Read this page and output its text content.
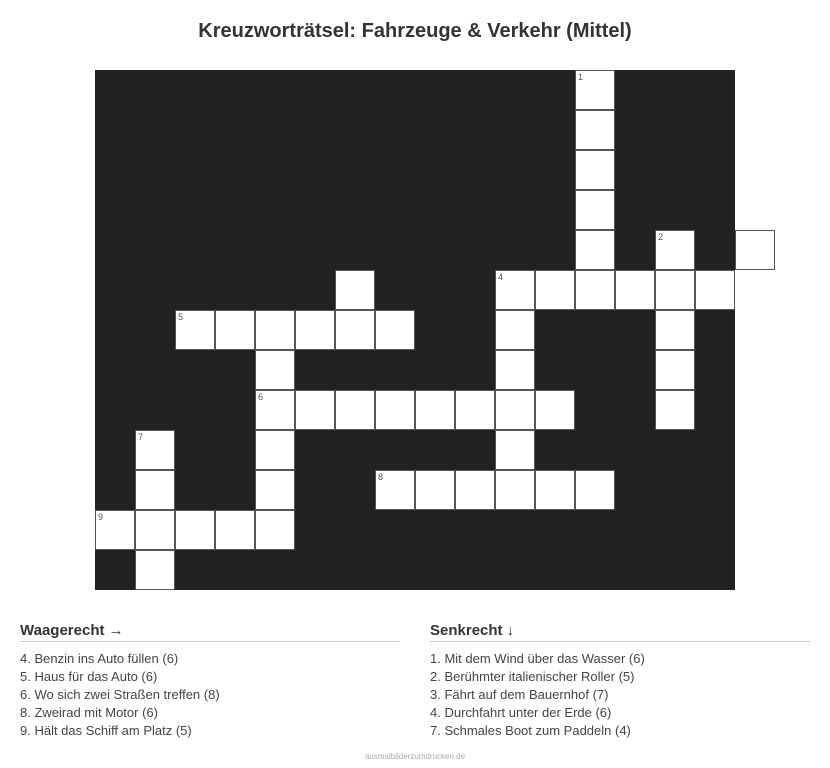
Kreuzworträtsel: Fahrzeuge & Verkehr (Mittel)
1
2
4
5
6
7
8
9
Waagerecht →
4. Benzin ins Auto füllen (6)
5. Haus für das Auto (6)
6. Wo sich zwei Straßen treffen (8)
8. Zweirad mit Motor (6)
9. Hält das Schiff am Platz (5)
Senkrecht ↓
1. Mit dem Wind über das Wasser (6)
2. Berühmter italienischer Roller (5)
3. Fährt auf dem Bauernhof (7)
4. Durchfahrt unter der Erde (6)
7. Schmales Boot zum Paddeln (4)
ausmalbilderzumdrucken.de
